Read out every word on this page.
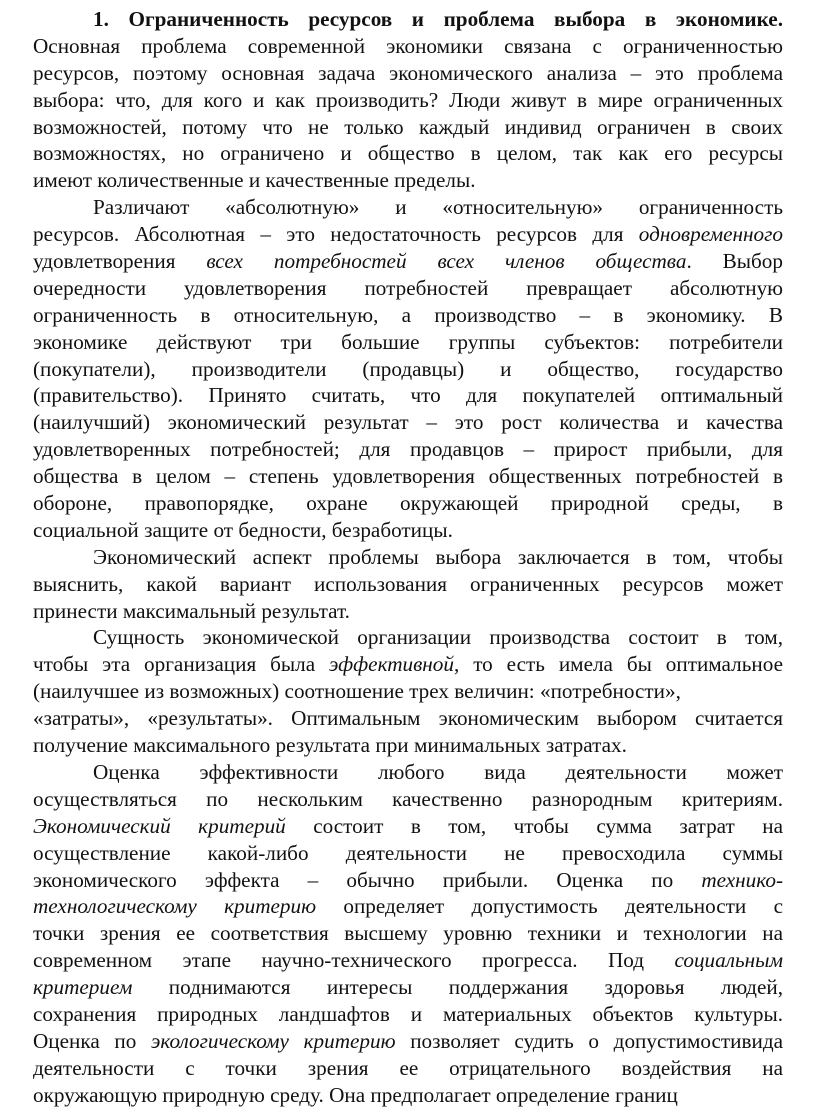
1. Ограниченность ресурсов и проблема выбора в экономике.
Основная проблема современной экономики связана с ограниченностью
ресурсов, поэтому основная задача экономического анализа – это проблема
выбора: что, для кого и как производить? Люди живут в мире ограниченных
возможностей, потому что не только каждый индивид ограничен в своих
возможностях, но ограничено и общество в целом, так как его ресурсы
имеют количественные и качественные пределы.
Различают «абсолютную» и «относительную» ограниченность
ресурсов. Абсолютная – это недостаточность ресурсов для одновременного
удовлетворения всех потребностей всех членов общества. Выбор
очередности удовлетворения потребностей превращает абсолютную
ограниченность в относительную, а производство – в экономику. В
экономике действуют три большие группы субъектов: потребители
(покупатели), производители (продавцы) и общество, государство
(правительство). Принято считать, что для покупателей оптимальный
(наилучший) экономический результат – это рост количества и качества
удовлетворенных потребностей; для продавцов – прирост прибыли, для
общества в целом – степень удовлетворения общественных потребностей в
обороне, правопорядке, охране окружающей природной среды, в
социальной защите от бедности, безработицы.
Экономический аспект проблемы выбора заключается в том, чтобы
выяснить, какой вариант использования ограниченных ресурсов может
принести максимальный результат.
Сущность экономической организации производства состоит в том,
чтобы эта организация была эффективной, то есть имела бы оптимальное
(наилучшее из возможных) соотношение трех величин: «потребности»,
«затраты», «результаты». Оптимальным экономическим выбором считается
получение максимального результата при минимальных затратах.
Оценка эффективности любого вида деятельности может
осуществляться по нескольким качественно разнородным критериям.
Экономический критерий состоит в том, чтобы сумма затрат на
осуществление какой-либо деятельности не превосходила суммы
экономического эффекта – обычно прибыли. Оценка по технико-
технологическому критерию определяет допустимость деятельности с
точки зрения ее соответствия высшему уровню техники и технологии на
современном этапе научно-технического прогресса. Под социальным
критерием поднимаются интересы поддержания здоровья людей,
сохранения природных ландшафтов и материальных объектов культуры.
Оценка по экологическому критерию позволяет судить о допустимостивида
деятельности с точки зрения ее отрицательного воздействия на
окружающую природную среду. Она предполагает определение границ
